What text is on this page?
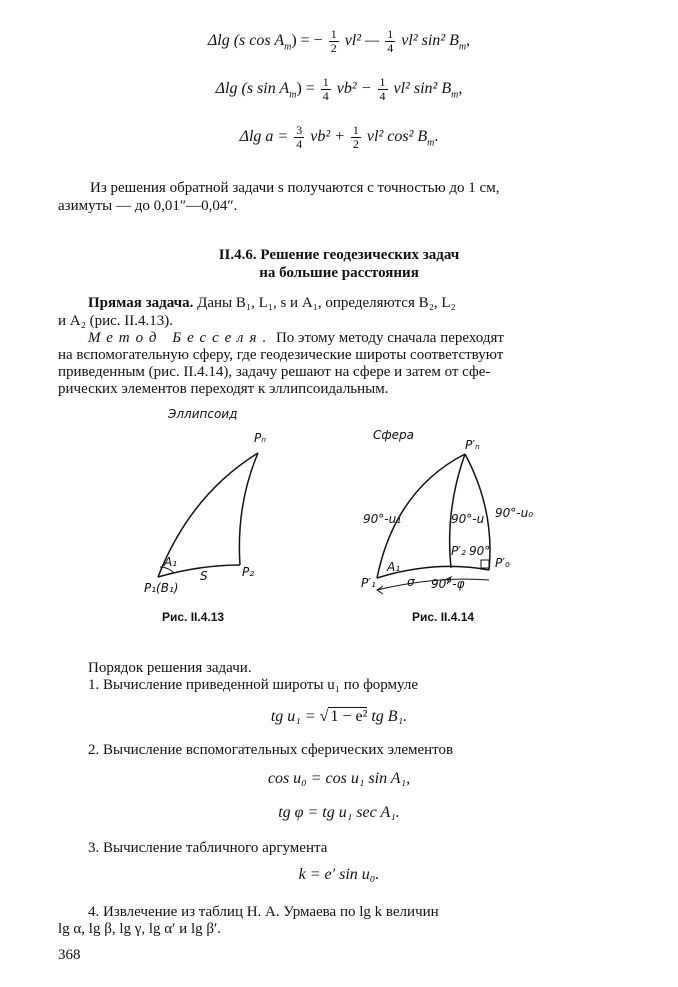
Δlg (s $\cos A_m$) = − $\frac{1}{2} vl^2$ — $\frac{1}{4} vl^2$ sin² $B_m$,
Δlg (s $\sin A_m) = \frac{1}{4} vb^2 - \frac{1}{4} vl^2$ sin² $B_m$,
Δlg $a = \frac{3}{4} vb^2 + \frac{1}{2} vl^2$ cos² $B_m$.
Из решения обратной задачи s получаются с точностью до 1 см,
азимуты — до 0,01″—0,04″.
II.4.6. Решение геодезических задач
на большие расстояния
Прямая задача. Даны B₁, L₁, s и A₁, определяются B₂, L₂
и A₂ (рис. II.4.13).
Метод Бесселя. По этому методу сначала переходят
на вспомогательную сферу, где геодезические широты соответствуют
приведенным (рис. II.4.14), задачу решают на сфере и затем от сфе-
рических элементов переходят к эллипсоидальным.
Эллипсоид
Pₙ
A₁
S
P₁(B₁)
P₂
Рис. II.4.13
Сфера
P′ₙ
90°-u₁	90°-u 90°-u₀
A₁
P′₂ 90°
P′₀
P′₁	σ 90°-φ
Рис. II.4.14
Порядок решения задачи.
1. Вычисление приведенной широты u₁ по формуле
tg u₁ = √ 1 − e² tg B₁.
2. Вычисление вспомогательных сферических элементов
cos u₀ = cos u₁ sin A₁,
tg φ = tg u₁ sec A₁.
3. Вычисление табличного аргумента
k = e′ sin u₀.
4. Извлечение из таблиц Н. А. Урмаева по lg k величин
lg α, lg β, lg γ, lg α′ и lg β′.
368
